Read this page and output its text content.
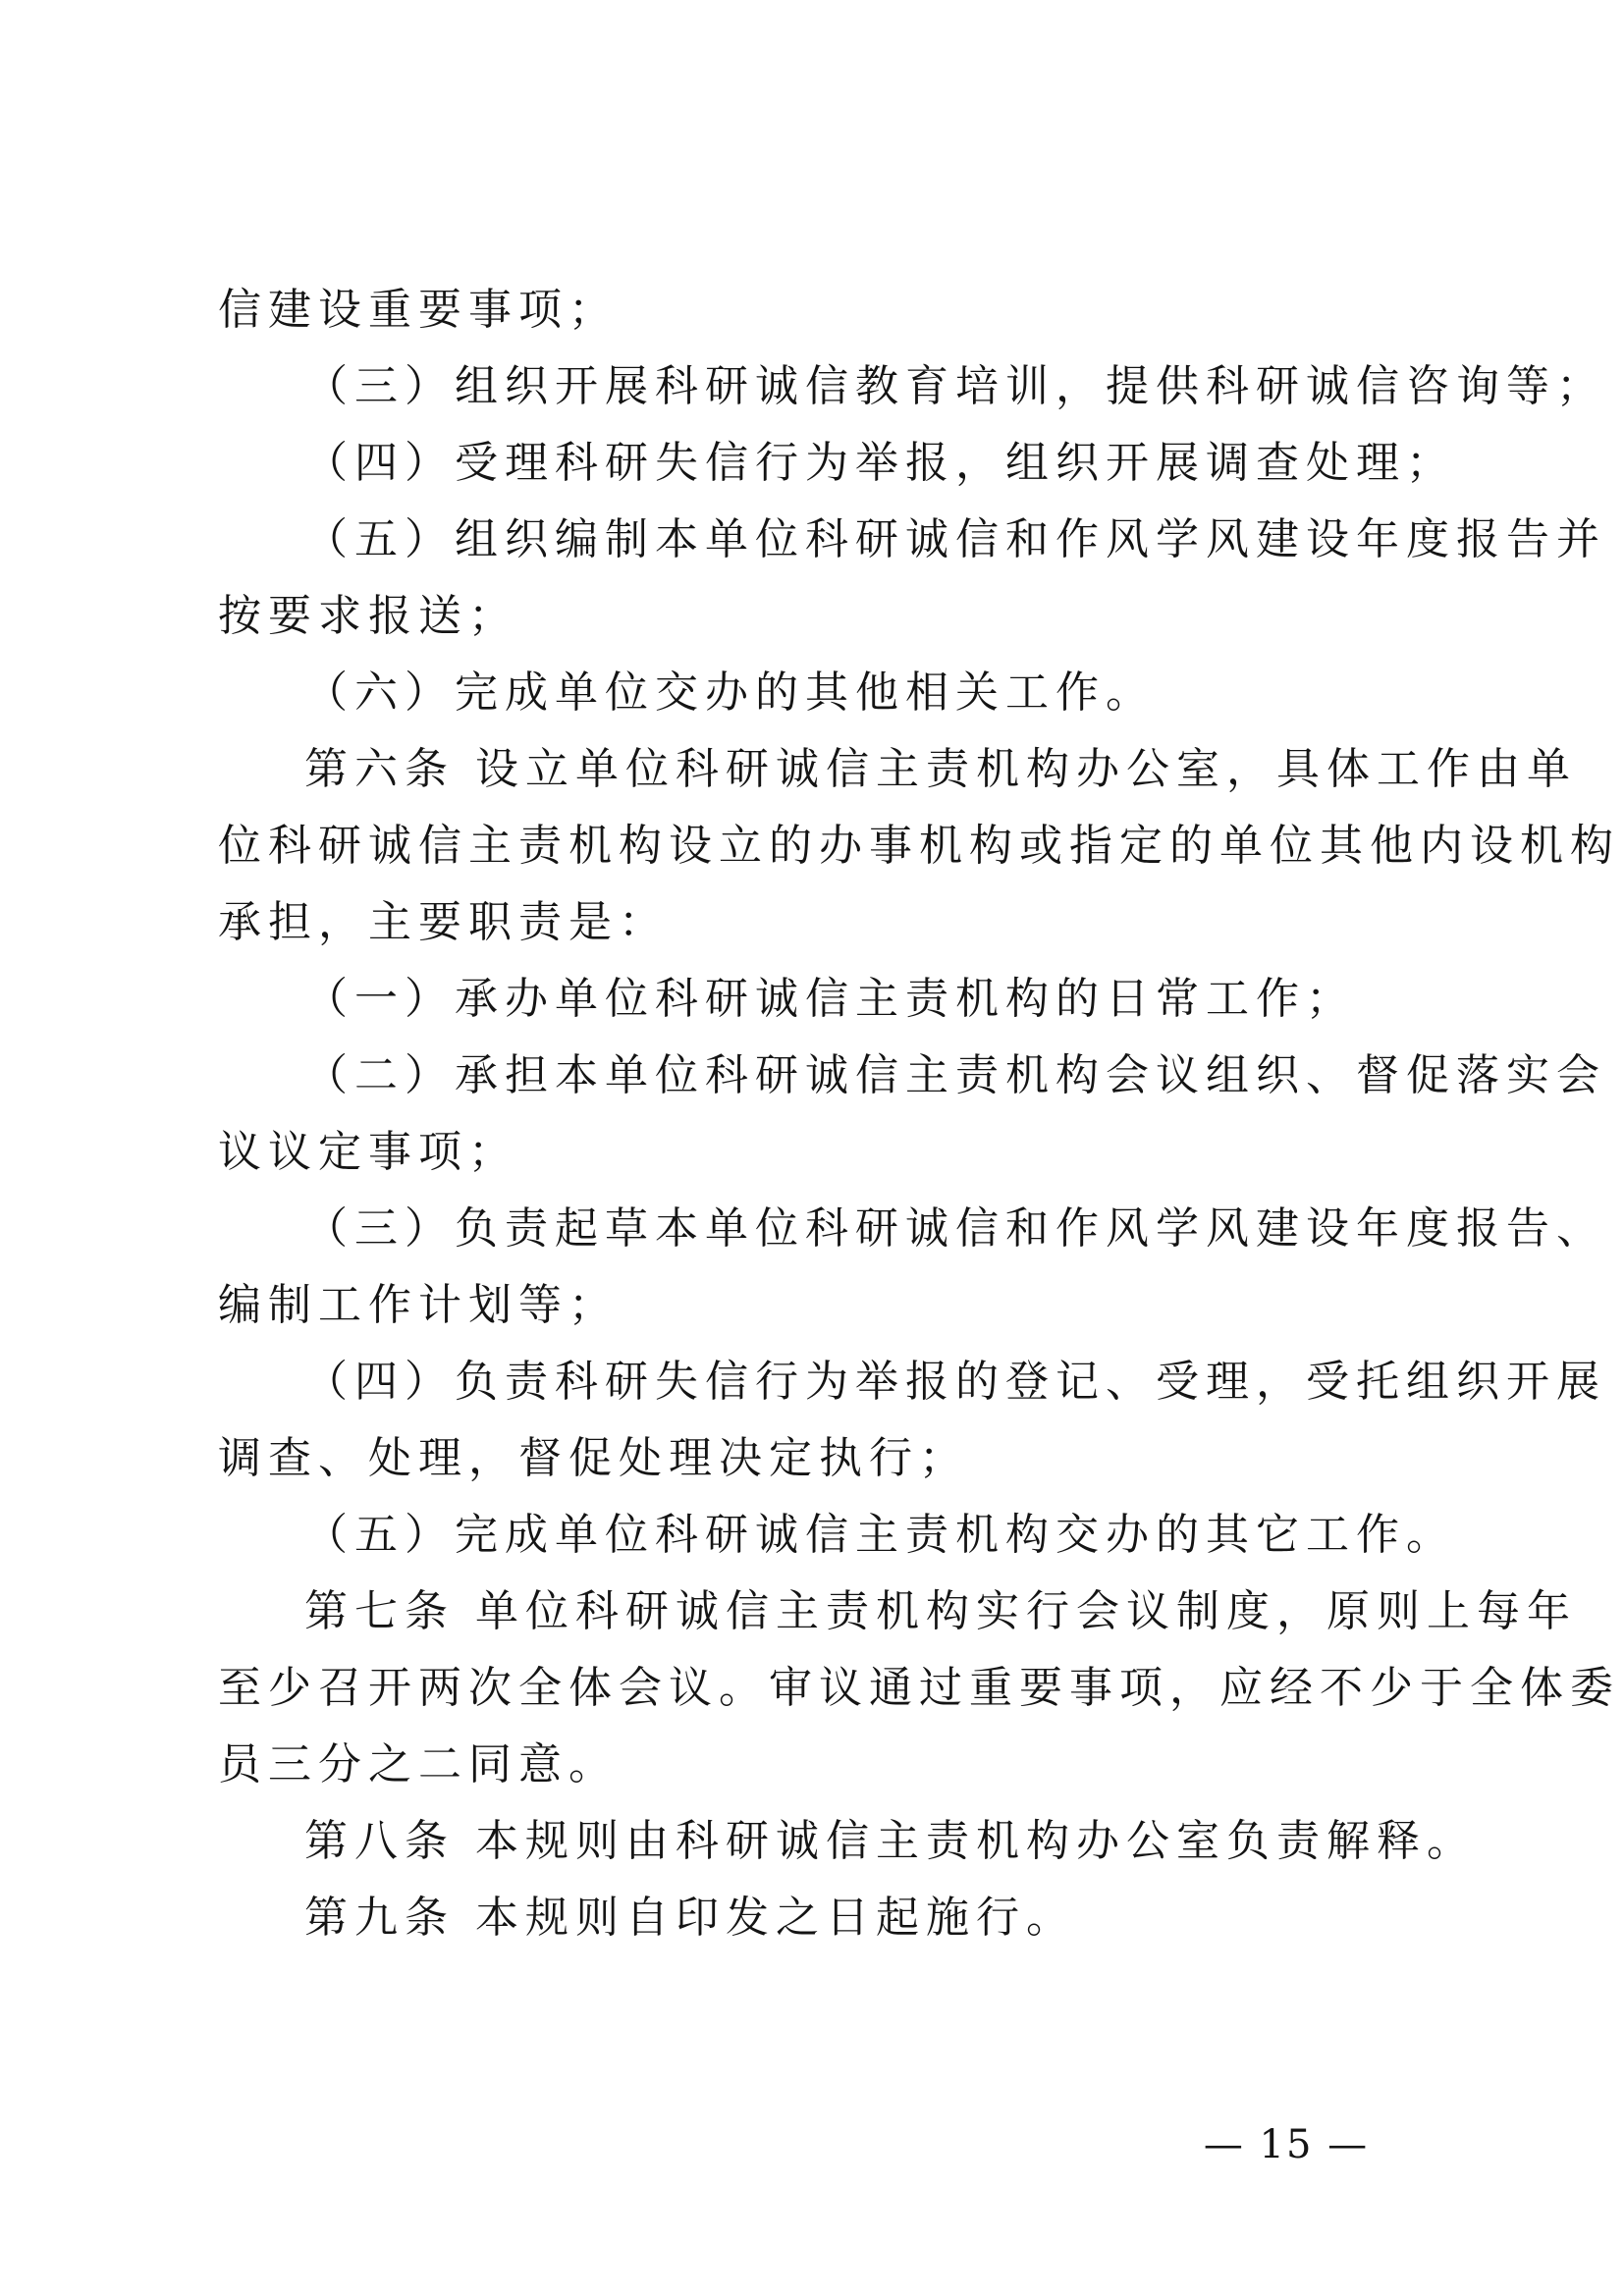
信建设重要事项；
（三）组织开展科研诚信教育培训，提供科研诚信咨询等；
（四）受理科研失信行为举报，组织开展调查处理；
（五）组织编制本单位科研诚信和作风学风建设年度报告并
按要求报送；
（六）完成单位交办的其他相关工作。
第六条 设立单位科研诚信主责机构办公室，具体工作由单
位科研诚信主责机构设立的办事机构或指定的单位其他内设机构
承担，主要职责是：
（一）承办单位科研诚信主责机构的日常工作；
（二）承担本单位科研诚信主责机构会议组织、督促落实会
议议定事项；
（三）负责起草本单位科研诚信和作风学风建设年度报告、
编制工作计划等；
（四）负责科研失信行为举报的登记、受理，受托组织开展
调查、处理，督促处理决定执行；
（五）完成单位科研诚信主责机构交办的其它工作。
第七条 单位科研诚信主责机构实行会议制度，原则上每年
至少召开两次全体会议。审议通过重要事项，应经不少于全体委
员三分之二同意。
第八条 本规则由科研诚信主责机构办公室负责解释。
第九条 本规则自印发之日起施行。
— 15 —
